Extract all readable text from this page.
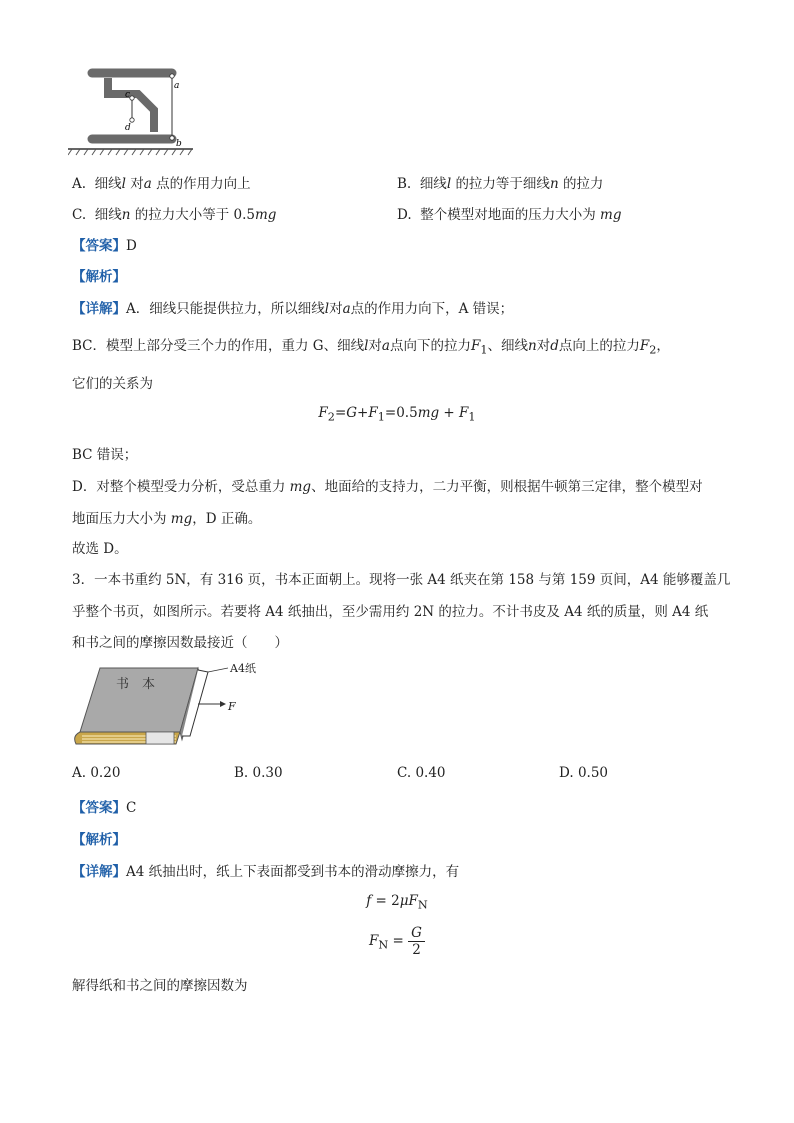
a
b
c
d
A. 细线l 对a 点的作用力向上	B. 细线l 的拉力等于细线n 的拉力
C. 细线n 的拉力大小等于 0.5mg	D. 整个模型对地面的压力大小为 mg
【答案】D
【解析】
【详解】A．细线只能提供拉力，所以细线l对a点的作用力向下，A 错误；
BC．模型上部分受三个力的作用，重力 G、细线l对a点向下的拉力$F_1$、细线n对d点向上的拉力$F_2$，
它们的关系为
$F_2=G+F_1=0.5mg + F_1$
BC 错误；
D．对整个模型受力分析，受总重力 mg、地面给的支持力，二力平衡，则根据牛顿第三定律，整个模型对
地面压力大小为 mg，D 正确。
故选 D。
3．一本书重约 5N，有 316 页，书本正面朝上。现将一张 A4 纸夹在第 158 与第 159 页间，A4 能够覆盖几
乎整个书页，如图所示。若要将 A4 纸抽出，至少需用约 2N 的拉力。不计书皮及 A4 纸的质量，则 A4 纸
和书之间的摩擦因数最接近（　　）
书　本
A4纸
F
A. 0.20	B. 0.30	C. 0.40	D. 0.50
【答案】C
【解析】
【详解】A4 纸抽出时，纸上下表面都受到书本的滑动摩擦力，有
$f = 2\mu F_N$
$F_N = \frac{G}{2}$
解得纸和书之间的摩擦因数为
